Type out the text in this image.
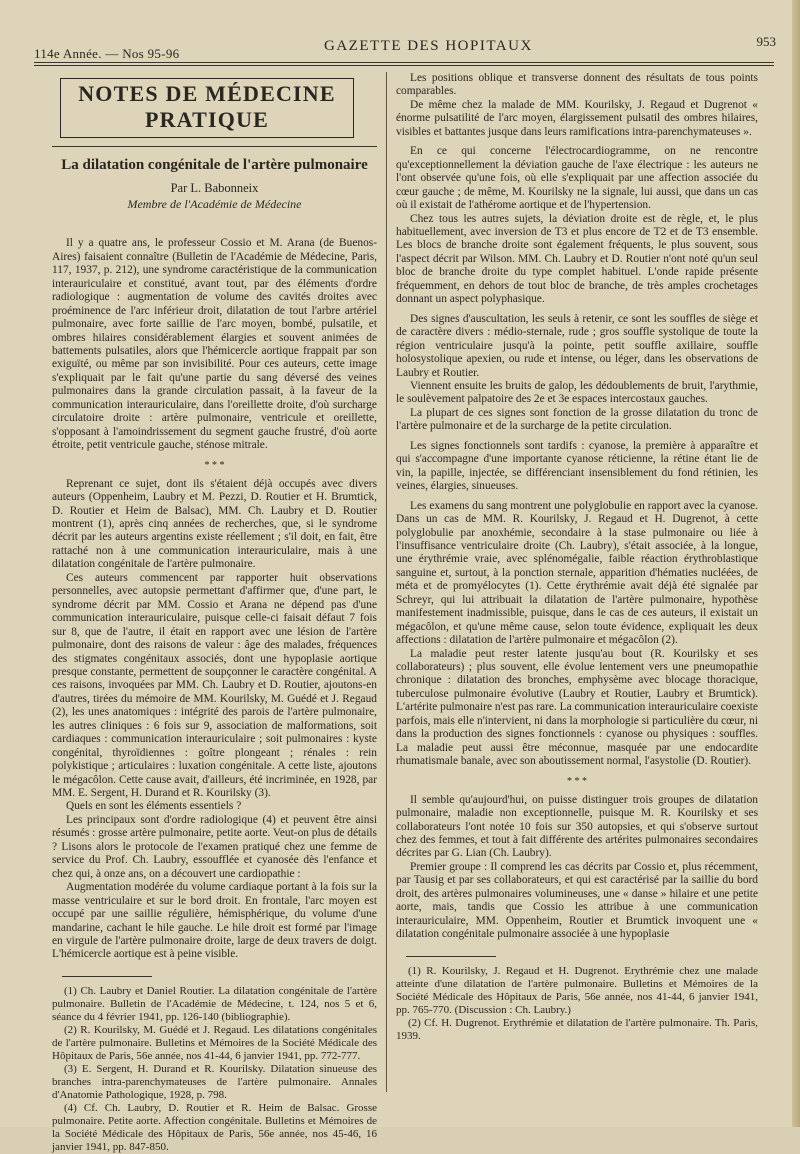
114e Année. — Nos 95-96	GAZETTE DES HOPITAUX	953
NOTES DE MÉDECINE PRATIQUE
La dilatation congénitale de l'artère pulmonaire
Par L. Babonneix
Membre de l'Académie de Médecine

Il y a quatre ans, le professeur Cossio et M. Arana (de Buenos-Aires) faisaient connaître (Bulletin de l'Académie de Médecine, Paris, 117, 1937, p. 212), une syndrome caractéristique de la communication interauriculaire et constitué, avant tout, par des éléments d'ordre radiologique : augmentation de volume des cavités droites avec proéminence de l'arc inférieur droit, dilatation de tout l'arbre artériel pulmonaire, avec forte saillie de l'arc moyen, bombé, pulsatile, et ombres hilaires considérablement élargies et souvent animées de battements pulsatiles, alors que l'hémicercle aortique frappait par son exiguïté, ou même par son invisibilité. Pour ces auteurs, cette image s'expliquait par le fait qu'une partie du sang déversé des veines pulmonaires dans la grande circulation passait, à la faveur de la communication interauriculaire, dans l'oreillette droite, d'où surcharge circulatoire droite : artère pulmonaire, ventricule et oreillette, s'opposant à l'amoindrissement du segment gauche frustré, d'où aorte étroite, petit ventricule gauche, sténose mitrale.

* * *

Reprenant ce sujet, dont ils s'étaient déjà occupés avec divers auteurs (Oppenheim, Laubry et M. Pezzi, D. Routier et H. Brumtick, D. Routier et Heim de Balsac), MM. Ch. Laubry et D. Routier montrent (1), après cinq années de recherches, que, si le syndrome décrit par les auteurs argentins existe réellement ; s'il doit, en fait, être rattaché non à une communication interauriculaire, mais à une dilatation congénitale de l'artère pulmonaire.

Ces auteurs commencent par rapporter huit observations personnelles, avec autopsie permettant d'affirmer que, d'une part, le syndrome décrit par MM. Cossio et Arana ne dépend pas d'une communication interauriculaire, puisque celle-ci faisait défaut 7 fois sur 8, que de l'autre, il était en rapport avec une lésion de l'artère pulmonaire, dont des raisons de valeur : âge des malades, fréquences des stigmates congénitaux associés, dont une hypoplasie aortique presque constante, permettent de soupçonner le caractère congénital. A ces raisons, invoquées par MM. Ch. Laubry et D. Routier, ajoutons-en d'autres, tirées du mémoire de MM. Kourilsky, M. Guédé et J. Regaud (2), les unes anatomiques : intégrité des parois de l'artère pulmonaire, les autres cliniques : 6 fois sur 9, association de malformations, soit cardiaques : communication interauriculaire ; soit pulmonaires : kyste congénital, thyroïdiennes : goître plongeant ; rénales : rein polykistique ; articulaires : luxation congénitale. A cette liste, ajoutons le mégacôlon. Cette cause avait, d'ailleurs, été incriminée, en 1928, par MM. E. Sergent, H. Durand et R. Kourilsky (3).

Quels en sont les éléments essentiels ?

Les principaux sont d'ordre radiologique (4) et peuvent être ainsi résumés : grosse artère pulmonaire, petite aorte. Veut-on plus de détails ? Lisons alors le protocole de l'examen pratiqué chez une femme de service du Prof. Ch. Laubry, essoufflée et cyanosée dès l'enfance et chez qui, à onze ans, on a découvert une cardiopathie :

Augmentation modérée du volume cardiaque portant à la fois sur la masse ventriculaire et sur le bord droit. En frontale, l'arc moyen est occupé par une saillie régulière, hémisphérique, du volume d'une mandarine, cachant le hile gauche. Le hile droit est formé par l'image en virgule de l'artère pulmonaire droite, large de deux travers de doigt. L'hémicercle aortique est à peine visible.

(1) Ch. Laubry et Daniel Routier. La dilatation congénitale de l'artère pulmonaire. Bulletin de l'Académie de Médecine, t. 124, nos 5 et 6, séance du 4 février 1941, pp. 126-140 (bibliographie).

(2) R. Kourilsky, M. Guédé et J. Regaud. Les dilatations congénitales de l'artère pulmonaire. Bulletins et Mémoires de la Société Médicale des Hôpitaux de Paris, 56e année, nos 41-44, 6 janvier 1941, pp. 772-777.

(3) E. Sergent, H. Durand et R. Kourilsky. Dilatation sinueuse des branches intra-parenchymateuses de l'artère pulmonaire. Annales d'Anatomie Pathologique, 1928, p. 798.

(4) Cf. Ch. Laubry, D. Routier et R. Heim de Balsac. Grosse pulmonaire. Petite aorte. Affection congénitale. Bulletins et Mémoires de la Société Médicale des Hôpitaux de Paris, 56e année, nos 45-46, 16 janvier 1941, pp. 847-850.

Les positions oblique et transverse donnent des résultats de tous points comparables.

De même chez la malade de MM. Kourilsky, J. Regaud et Dugrenot « énorme pulsatilité de l'arc moyen, élargissement pulsatil des ombres hilaires, visibles et battantes jusque dans leurs ramifications intra-parenchymateuses ».

En ce qui concerne l'électrocardiogramme, on ne rencontre qu'exceptionnellement la déviation gauche de l'axe électrique : les auteurs ne l'ont observée qu'une fois, où elle s'expliquait par une affection associée du cœur gauche ; de même, M. Kourilsky ne la signale, lui aussi, que dans un cas où il existait de l'athérome aortique et de l'hypertension.

Chez tous les autres sujets, la déviation droite est de règle, et, le plus habituellement, avec inversion de T3 et plus encore de T2 et de T3 ensemble. Les blocs de branche droite sont également fréquents, le plus souvent, sous l'aspect décrit par Wilson. MM. Ch. Laubry et D. Routier n'ont noté qu'un seul bloc de branche droite du type complet habituel. L'onde rapide présente fréquemment, en dehors de tout bloc de branche, de très amples crochetages donnant un aspect polyphasique.

Des signes d'auscultation, les seuls à retenir, ce sont les souffles de siège et de caractère divers : médio-sternale, rude ; gros souffle systolique de toute la région ventriculaire jusqu'à la pointe, petit souffle axillaire, souffle holosystolique apexien, ou rude et intense, ou léger, dans les observations de Laubry et Routier.

Viennent ensuite les bruits de galop, les dédoublements de bruit, l'arythmie, le soulèvement palpatoire des 2e et 3e espaces intercostaux gauches.

La plupart de ces signes sont fonction de la grosse dilatation du tronc de l'artère pulmonaire et de la surcharge de la petite circulation.

Les signes fonctionnels sont tardifs : cyanose, la première à apparaître et qui s'accompagne d'une importante cyanose réticienne, la rétine étant lie de vin, la papille, injectée, se différenciant insensiblement du fond rétinien, les veines, élargies, sinueuses.

Les examens du sang montrent une polyglobulie en rapport avec la cyanose. Dans un cas de MM. R. Kourilsky, J. Regaud et H. Dugrenot, à cette polyglobulie par anoxhémie, secondaire à la stase pulmonaire ou liée à l'insuffisance ventriculaire droite (Ch. Laubry), s'était associée, à la longue, une érythrémie vraie, avec splénomégalie, faible réaction érythroblastique sanguine et, surtout, à la ponction sternale, apparition d'hématies nucléées, de méta et de promyélocytes (1). Cette érythrémie avait déjà été signalée par Schreyr, qui lui attribuait la dilatation de l'artère pulmonaire, hypothèse manifestement inadmissible, puisque, dans le cas de ces auteurs, il existait un mégacôlon, et qu'une même cause, selon toute évidence, expliquait les deux affections : dilatation de l'artère pulmonaire et mégacôlon (2).

La maladie peut rester latente jusqu'au bout (R. Kourilsky et ses collaborateurs) ; plus souvent, elle évolue lentement vers une pneumopathie chronique : dilatation des bronches, emphysème avec blocage thoracique, tuberculose pulmonaire évolutive (Laubry et Routier, Laubry et Brumtick). L'artérite pulmonaire n'est pas rare. La communication interauriculaire coexiste parfois, mais elle n'intervient, ni dans la morphologie si particulière du cœur, ni dans la production des signes fonctionnels : cyanose ou physiques : souffles. La maladie peut aussi être méconnue, masquée par une endocardite rhumatismale banale, avec son aboutissement normal, l'asystolie (D. Routier).

* * *

Il semble qu'aujourd'hui, on puisse distinguer trois groupes de dilatation pulmonaire, maladie non exceptionnelle, puisque M. R. Kourilsky et ses collaborateurs l'ont notée 10 fois sur 350 autopsies, et qui s'observe surtout chez des femmes, et tout à fait différente des artérites pulmonaires secondaires décrites par G. Lian (Ch. Laubry).

Premier groupe : Il comprend les cas décrits par Cossio et, plus récemment, par Tausig et par ses collaborateurs, et qui est caractérisé par la saillie du bord droit, des artères pulmonaires volumineuses, une « danse » hilaire et une petite aorte, mais, tandis que Cossio les attribue à une communication interauriculaire, MM. Oppenheim, Routier et Brumtick invoquent une « dilatation congénitale pulmonaire associée à une hypoplasie

(1) R. Kourilsky, J. Regaud et H. Dugrenot. Erythrémie chez une malade atteinte d'une dilatation de l'artère pulmonaire. Bulletins et Mémoires de la Société Médicale des Hôpitaux de Paris, 56e année, nos 41-44, 6 janvier 1941, pp. 765-770. (Discussion : Ch. Laubry.)

(2) Cf. H. Dugrenot. Erythrémie et dilatation de l'artère pulmonaire. Th. Paris, 1939.
